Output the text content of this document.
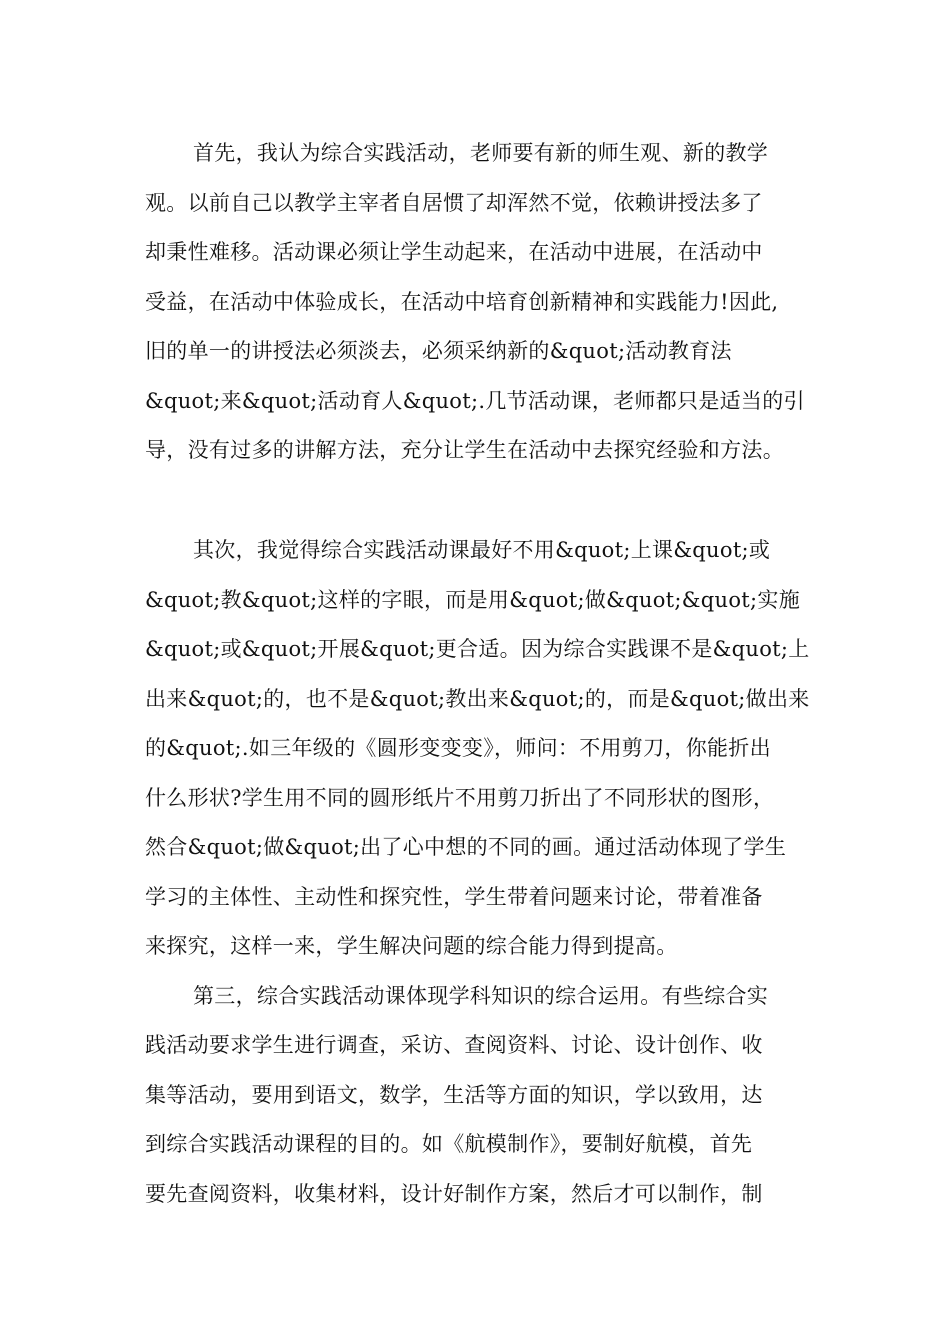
首先，我认为综合实践活动，老师要有新的师生观、新的教学
观。以前自己以教学主宰者自居惯了却浑然不觉，依赖讲授法多了
却秉性难移。活动课必须让学生动起来，在活动中进展，在活动中
受益，在活动中体验成长，在活动中培育创新精神和实践能力!因此,
旧的单一的讲授法必须淡去，必须采纳新的&quot;活动教育法
&quot;来&quot;活动育人&quot;.几节活动课，老师都只是适当的引
导，没有过多的讲解方法，充分让学生在活动中去探究经验和方法。
其次，我觉得综合实践活动课最好不用&quot;上课&quot;或
&quot;教&quot;这样的字眼，而是用&quot;做&quot;&quot;实施
&quot;或&quot;开展&quot;更合适。因为综合实践课不是&quot;上
出来&quot;的，也不是&quot;教出来&quot;的，而是&quot;做出来
的&quot;.如三年级的《圆形变变变》，师问：不用剪刀，你能折出
什么形状?学生用不同的圆形纸片不用剪刀折出了不同形状的图形，
然合&quot;做&quot;出了心中想的不同的画。通过活动体现了学生
学习的主体性、主动性和探究性，学生带着问题来讨论，带着准备
来探究，这样一来，学生解决问题的综合能力得到提高。
第三，综合实践活动课体现学科知识的综合运用。有些综合实
践活动要求学生进行调查，采访、查阅资料、讨论、设计创作、收
集等活动，要用到语文，数学，生活等方面的知识，学以致用，达
到综合实践活动课程的目的。如《航模制作》，要制好航模，首先
要先查阅资料，收集材料，设计好制作方案，然后才可以制作，制
